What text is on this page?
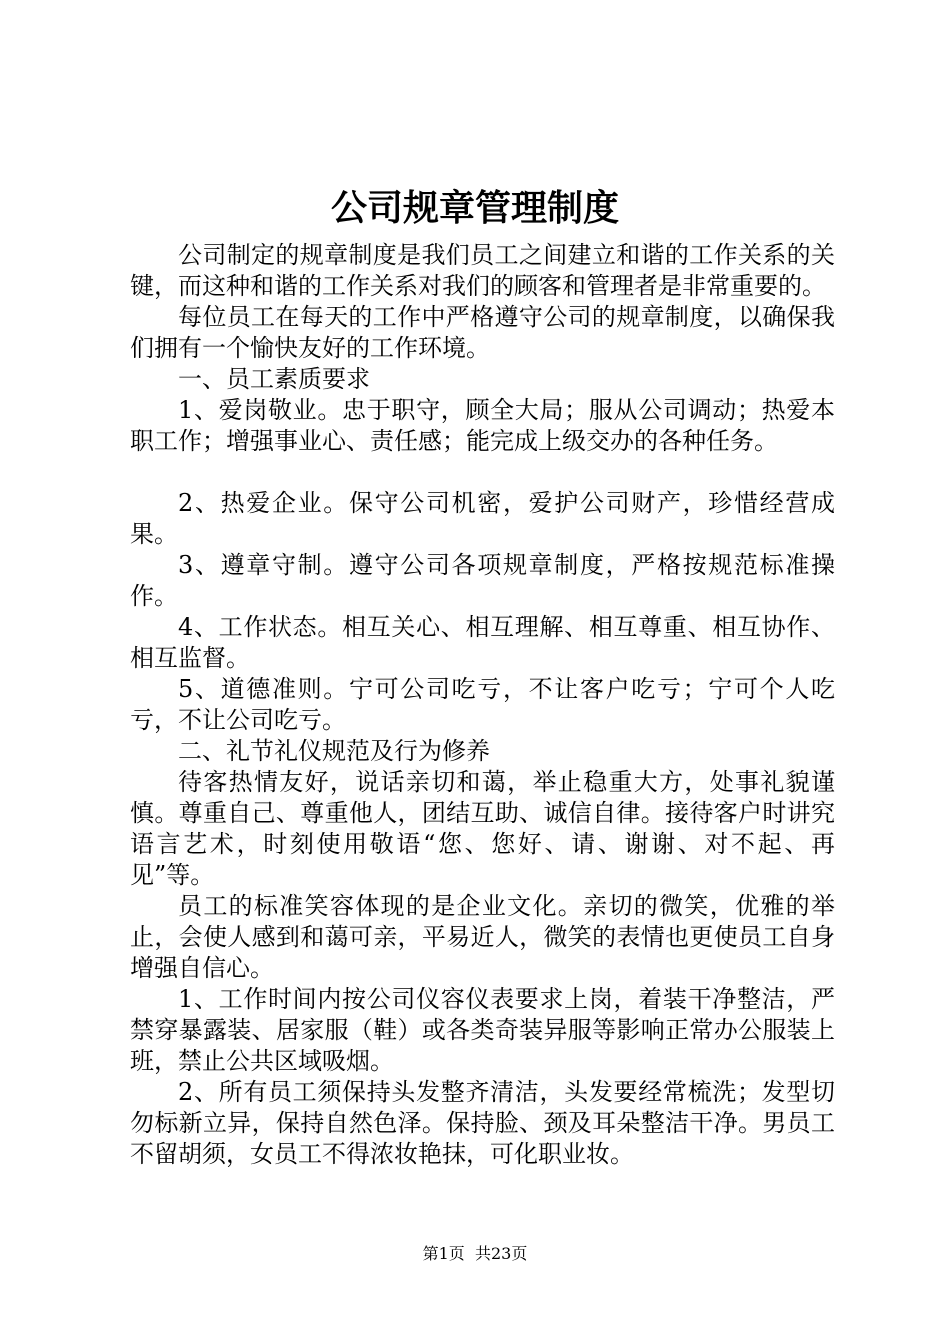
公司规章管理制度

公司制定的规章制度是我们员工之间建立和谐的工作关系的关键，而这种和谐的工作关系对我们的顾客和管理者是非常重要的。

每位员工在每天的工作中严格遵守公司的规章制度，以确保我们拥有一个愉快友好的工作环境。

一、员工素质要求

1、爱岗敬业。忠于职守，顾全大局；服从公司调动；热爱本职工作；增强事业心、责任感；能完成上级交办的各种任务。

2、热爱企业。保守公司机密，爱护公司财产，珍惜经营成果。

3、遵章守制。遵守公司各项规章制度，严格按规范标准操作。

4、工作状态。相互关心、相互理解、相互尊重、相互协作、相互监督。

5、道德准则。宁可公司吃亏，不让客户吃亏；宁可个人吃亏，不让公司吃亏。

二、礼节礼仪规范及行为修养

待客热情友好，说话亲切和蔼，举止稳重大方，处事礼貌谨慎。尊重自己、尊重他人，团结互助、诚信自律。接待客户时讲究语言艺术，时刻使用敬语“您、您好、请、谢谢、对不起、再见”等。

员工的标准笑容体现的是企业文化。亲切的微笑，优雅的举止，会使人感到和蔼可亲，平易近人，微笑的表情也更使员工自身增强自信心。

1、工作时间内按公司仪容仪表要求上岗，着装干净整洁，严禁穿暴露装、居家服（鞋）或各类奇装异服等影响正常办公服装上班，禁止公共区域吸烟。

2、所有员工须保持头发整齐清洁，头发要经常梳洗；发型切勿标新立异，保持自然色泽。保持脸、颈及耳朵整洁干净。男员工不留胡须，女员工不得浓妆艳抹，可化职业妆。

第1页 共23页
